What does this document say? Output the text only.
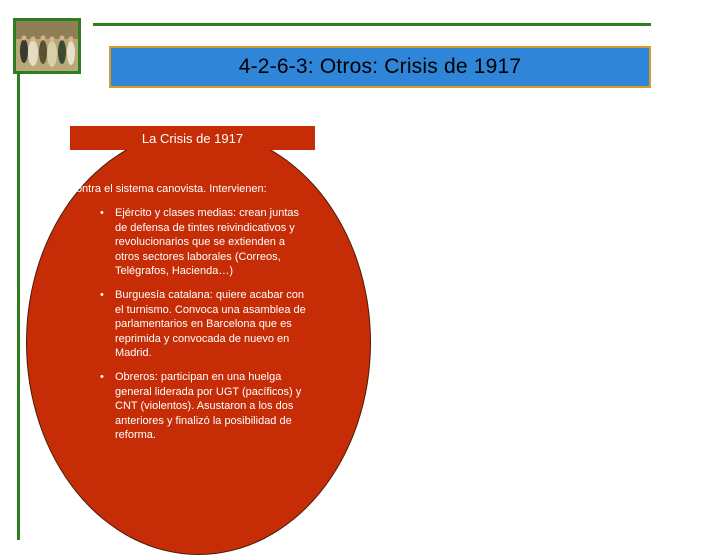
4-2-6-3: Otros: Crisis de 1917
La Crisis de 1917
• Contra el sistema canovista. Intervienen:
• Ejército y clases medias: crean juntas de defensa de tintes reivindicativos y revolucionarios que se extienden a otros sectores laborales (Correos, Telégrafos, Hacienda…)
• Burguesía catalana: quiere acabar con el turnismo. Convoca una asamblea de parlamentarios en Barcelona que es reprimida y convocada de nuevo en Madrid.
• Obreros: participan en una huelga general liderada por UGT (pacíficos) y CNT (violentos). Asustaron a los dos anteriores y finalizó la posibilidad de reforma.
